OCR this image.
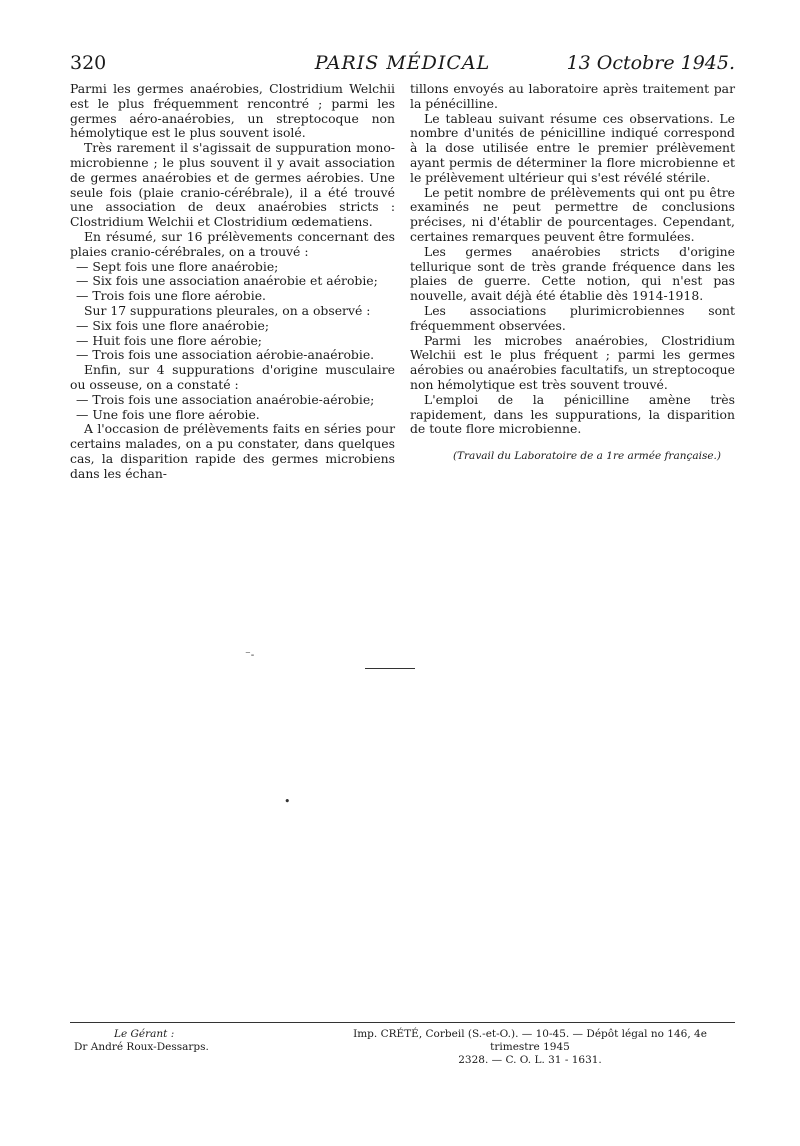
320	PARIS MÉDICAL	13 Octobre 1945.

Parmi les germes anaérobies, Clostridium Welchii est le plus fréquemment rencontré ; parmi les germes aéro-anaérobies, un streptocoque non hémolytique est le plus souvent isolé.

Très rarement il s'agissait de suppuration mono-microbienne ; le plus souvent il y avait association de germes anaérobies et de germes aérobies. Une seule fois (plaie cranio-cérébrale), il a été trouvé une association de deux anaérobies stricts : Clostridium Welchii et Clostridium œdematiens.

En résumé, sur 16 prélèvements concernant des plaies cranio-cérébrales, on a trouvé :

— Sept fois une flore anaérobie;

— Six fois une association anaérobie et aérobie;

— Trois fois une flore aérobie.

Sur 17 suppurations pleurales, on a observé :

— Six fois une flore anaérobie;

— Huit fois une flore aérobie;

— Trois fois une association aérobie-anaérobie.

Enfin, sur 4 suppurations d'origine musculaire ou osseuse, on a constaté :

— Trois fois une association anaérobie-aérobie;

— Une fois une flore aérobie.

A l'occasion de prélèvements faits en séries pour certains malades, on a pu constater, dans quelques cas, la disparition rapide des germes microbiens dans les échan-

tillons envoyés au laboratoire après traitement par la pénécilline.

Le tableau suivant résume ces observations. Le nombre d'unités de pénicilline indiqué correspond à la dose utilisée entre le premier prélèvement ayant permis de déterminer la flore microbienne et le prélèvement ultérieur qui s'est révélé stérile.

Le petit nombre de prélèvements qui ont pu être examinés ne peut permettre de conclusions précises, ni d'établir de pourcentages. Cependant, certaines remarques peuvent être formulées.

Les germes anaérobies stricts d'origine tellurique sont de très grande fréquence dans les plaies de guerre. Cette notion, qui n'est pas nouvelle, avait déjà été établie dès 1914-1918.

Les associations plurimicrobiennes sont fréquemment observées.

Parmi les microbes anaérobies, Clostridium Welchii est le plus fréquent ; parmi les germes aérobies ou anaérobies facultatifs, un streptocoque non hémolytique est très souvent trouvé.

L'emploi de la pénicilline amène très rapidement, dans les suppurations, la disparition de toute flore microbienne.

(Travail du Laboratoire de a 1re armée française.)

⁻˗
•
Le Gérant :
Dr André Roux-Dessarps.
Imp. CRÉTÉ, Corbeil (S.-et-O.). — 10-45. — Dépôt légal no 146, 4e trimestre 1945
2328. — C. O. L. 31 - 1631.
